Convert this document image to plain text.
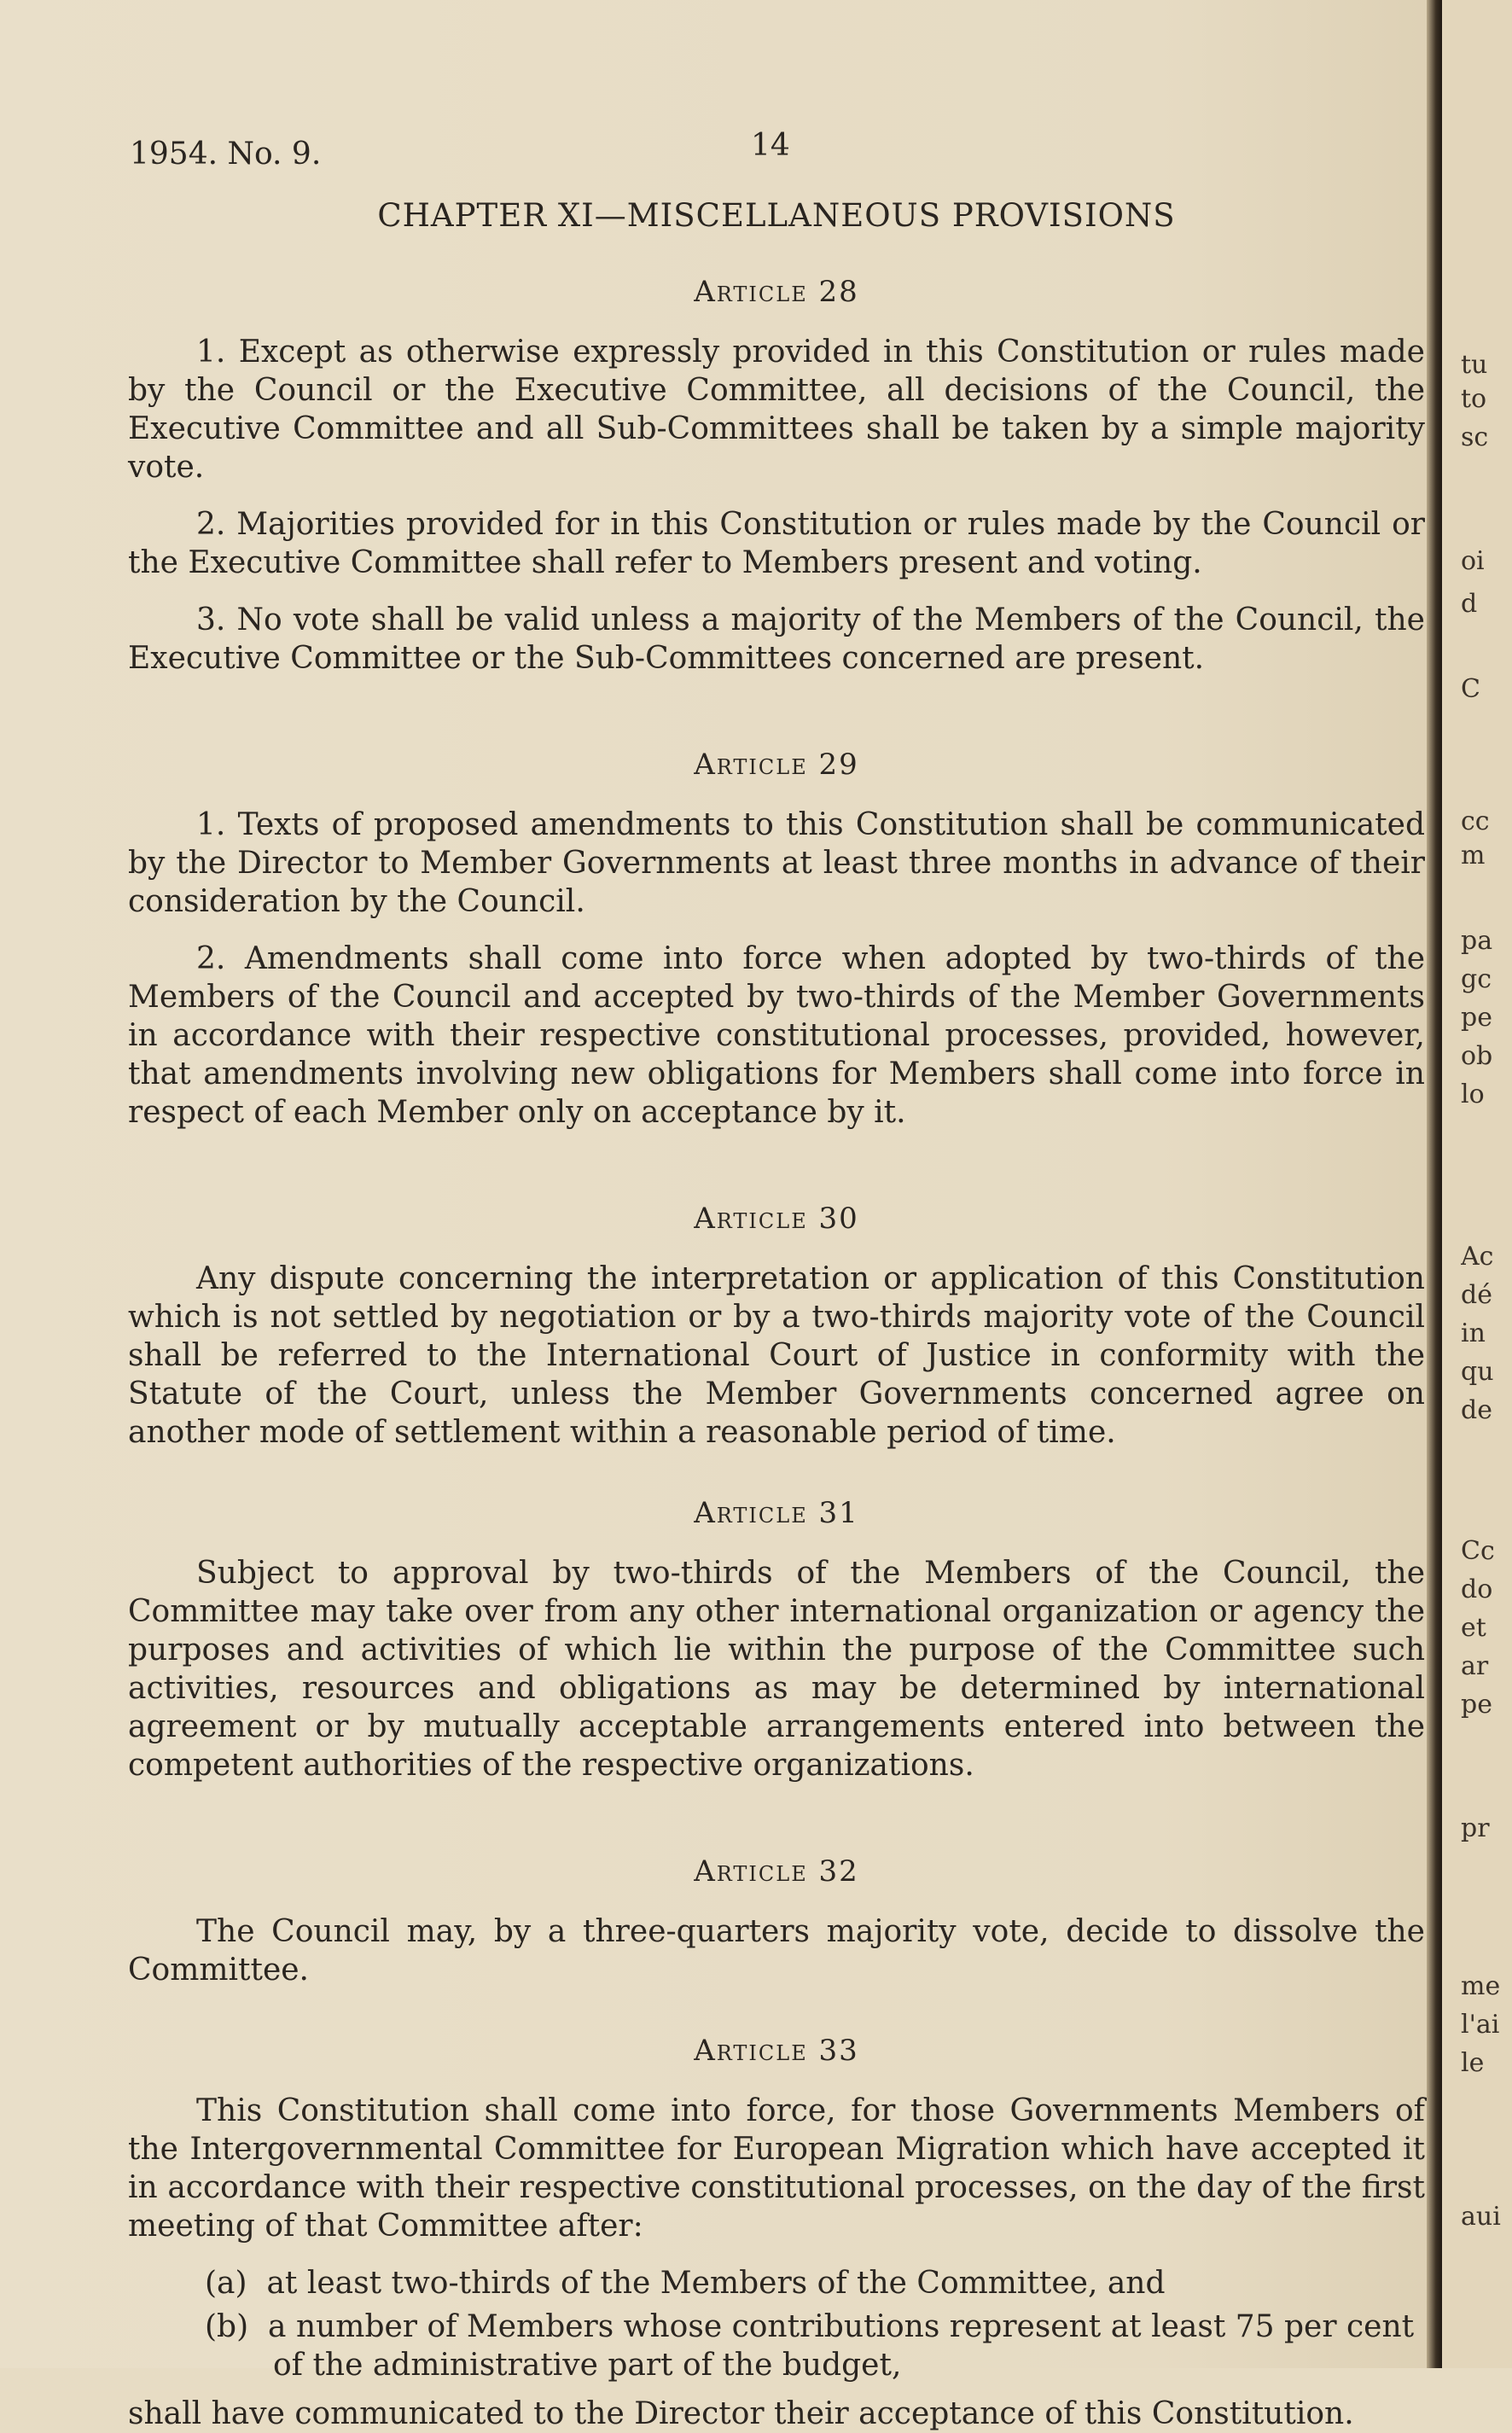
1954. No. 9.	14
CHAPTER XI—MISCELLANEOUS PROVISIONS
Article 28

1. Except as otherwise expressly provided in this Constitution or rules made by the Council or the Executive Committee, all decisions of the Council, the Executive Committee and all Sub-Committees shall be taken by a simple majority vote.

2. Majorities provided for in this Constitution or rules made by the Council or the Executive Committee shall refer to Members present and voting.

3. No vote shall be valid unless a majority of the Members of the Council, the Executive Committee or the Sub-Committees concerned are present.

Article 29

1. Texts of proposed amendments to this Constitution shall be communicated by the Director to Member Governments at least three months in advance of their consideration by the Council.

2. Amendments shall come into force when adopted by two-thirds of the Members of the Council and accepted by two-thirds of the Member Governments in accordance with their respective constitutional processes, provided, however, that amendments involving new obligations for Members shall come into force in respect of each Member only on acceptance by it.

Article 30

Any dispute concerning the interpretation or application of this Constitution which is not settled by negotiation or by a two-thirds majority vote of the Council shall be referred to the International Court of Justice in conformity with the Statute of the Court, unless the Member Governments concerned agree on another mode of settlement within a reasonable period of time.

Article 31

Subject to approval by two-thirds of the Members of the Council, the Committee may take over from any other international organization or agency the purposes and activities of which lie within the purpose of the Committee such activities, resources and obligations as may be determined by international agreement or by mutually acceptable arrangements entered into between the competent authorities of the respective organizations.

Article 32

The Council may, by a three-quarters majority vote, decide to dissolve the Committee.

Article 33

This Constitution shall come into force, for those Governments Members of the Intergovernmental Committee for European Migration which have accepted it in accordance with their respective constitutional processes, on the day of the first meeting of that Committee after:

(a) at least two-thirds of the Members of the Committee, and
(b) a number of Members whose contributions represent at least 75 per cent of the administrative part of the budget,

shall have communicated to the Director their acceptance of this Constitution.

tu
to
sc
oi
d
C
cc
m
pa
gc
pe
ob
lo
Ac
dé
in
qu
de
Cc
do
et
ar
pe
pr
me
l'ai
le
aui
